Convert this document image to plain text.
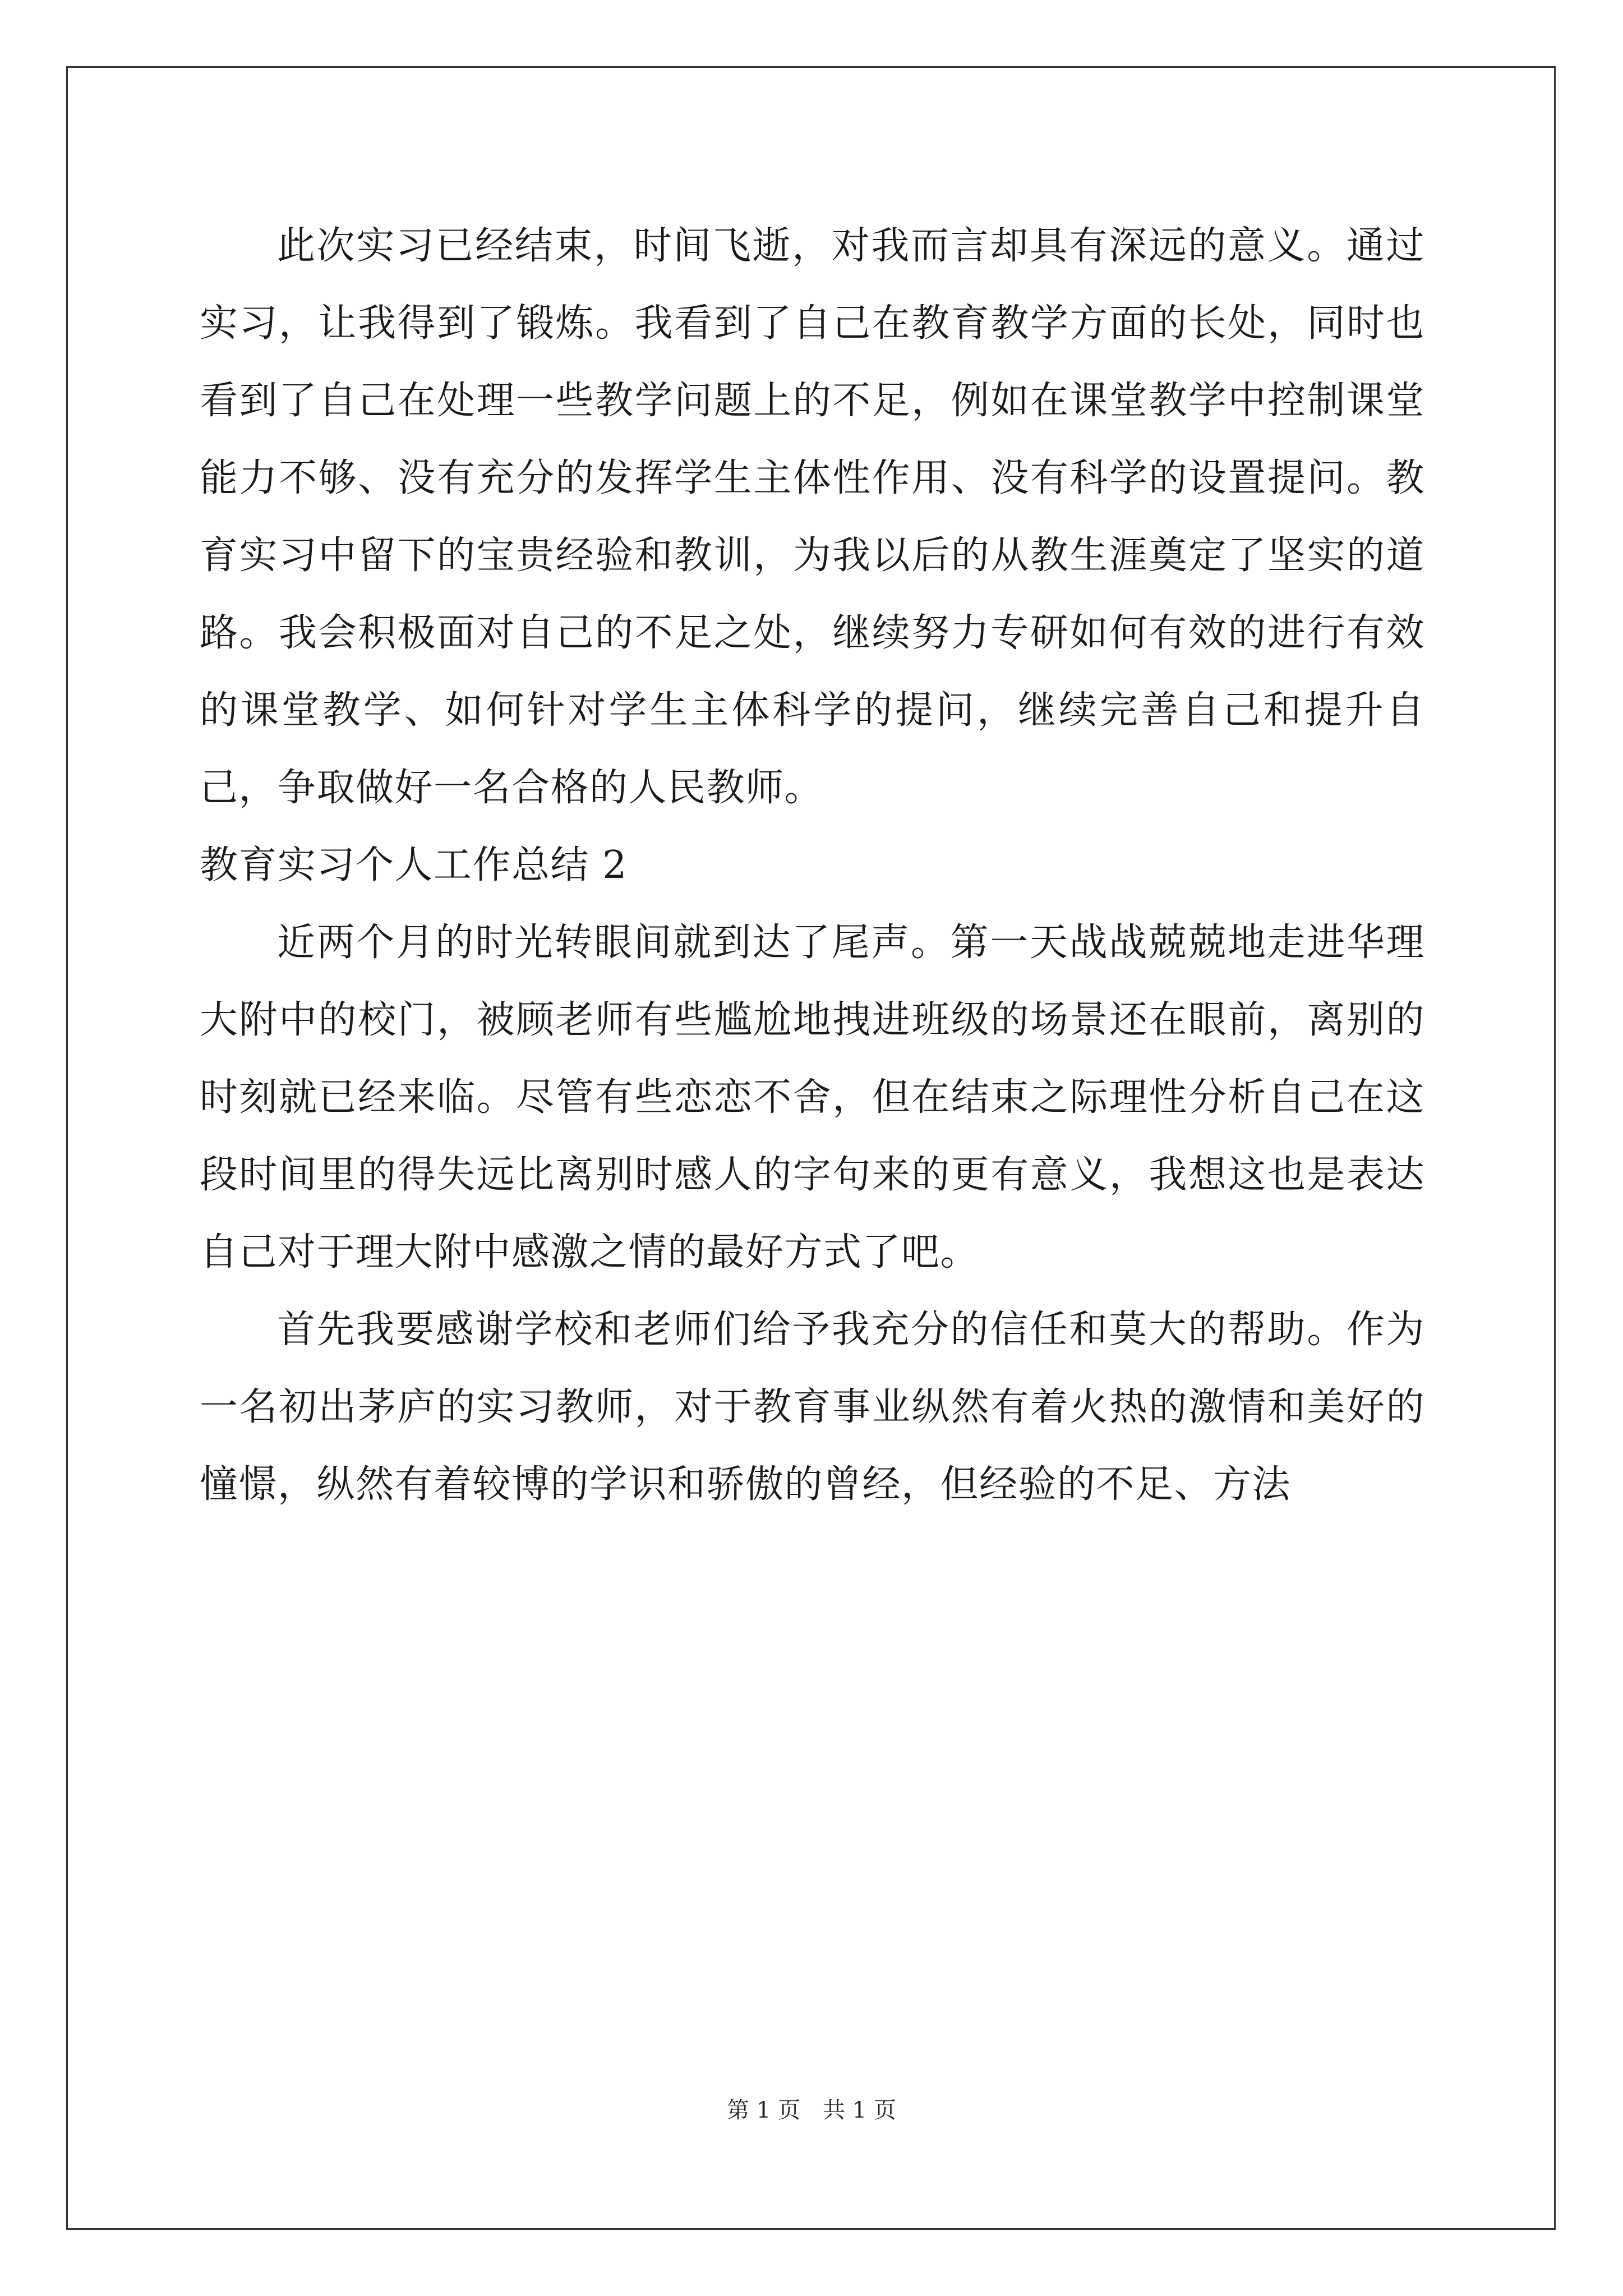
此次实习已经结束，时间飞逝，对我而言却具有深远的意义。通过实习，让我得到了锻炼。我看到了自己在教育教学方面的长处，同时也看到了自己在处理一些教学问题上的不足，例如在课堂教学中控制课堂能力不够、没有充分的发挥学生主体性作用、没有科学的设置提问。教育实习中留下的宝贵经验和教训，为我以后的从教生涯奠定了坚实的道路。我会积极面对自己的不足之处，继续努力专研如何有效的进行有效的课堂教学、如何针对学生主体科学的提问，继续完善自己和提升自己，争取做好一名合格的人民教师。

教育实习个人工作总结 2

近两个月的时光转眼间就到达了尾声。第一天战战兢兢地走进华理大附中的校门，被顾老师有些尴尬地拽进班级的场景还在眼前，离别的时刻就已经来临。尽管有些恋恋不舍，但在结束之际理性分析自己在这段时间里的得失远比离别时感人的字句来的更有意义，我想这也是表达自己对于理大附中感激之情的最好方式了吧。

首先我要感谢学校和老师们给予我充分的信任和莫大的帮助。作为一名初出茅庐的实习教师，对于教育事业纵然有着火热的激情和美好的憧憬，纵然有着较博的学识和骄傲的曾经，但经验的不足、方法

第 1 页 共 1 页
